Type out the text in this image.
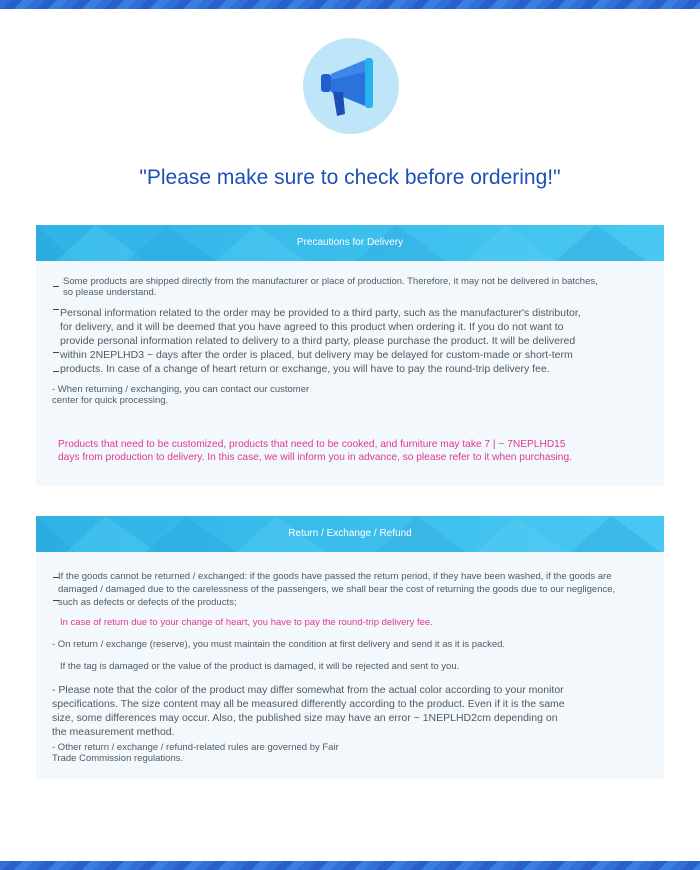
"Please make sure to check before ordering!"
Precautions for Delivery
Some products are shipped directly from the manufacturer or place of production. Therefore, it may not be delivered in batches, so please understand.
Personal information related to the order may be provided to a third party, such as the manufacturer's distributor, for delivery, and it will be deemed that you have agreed to this product when ordering it. If you do not want to provide personal information related to delivery to a third party, please purchase the product. It will be delivered within 2NEPLHD3 ~ days after the order is placed, but delivery may be delayed for custom-made or short-term products. In case of a change of heart return or exchange, you will have to pay the round-trip delivery fee.
- When returning / exchanging, you can contact our customer center for quick processing.
Products that need to be customized, products that need to be cooked, and furniture may take 7 | ~ 7NEPLHD15 days from production to delivery. In this case, we will inform you in advance, so please refer to it when purchasing.
Return / Exchange / Refund
If the goods cannot be returned / exchanged: if the goods have passed the return period, if they have been washed, if the goods are damaged / damaged due to the carelessness of the passengers, we shall bear the cost of returning the goods due to our negligence, such as defects or defects of the products;
In case of return due to your change of heart, you have to pay the round-trip delivery fee.
- On return / exchange (reserve), you must maintain the condition at first delivery and send it as it is packed.
If the tag is damaged or the value of the product is damaged, it will be rejected and sent to you.
- Please note that the color of the product may differ somewhat from the actual color according to your monitor specifications. The size content may all be measured differently according to the product. Even if it is the same size, some differences may occur. Also, the published size may have an error ~ 1NEPLHD2cm depending on the measurement method.
- Other return / exchange / refund-related rules are governed by Fair Trade Commission regulations.
